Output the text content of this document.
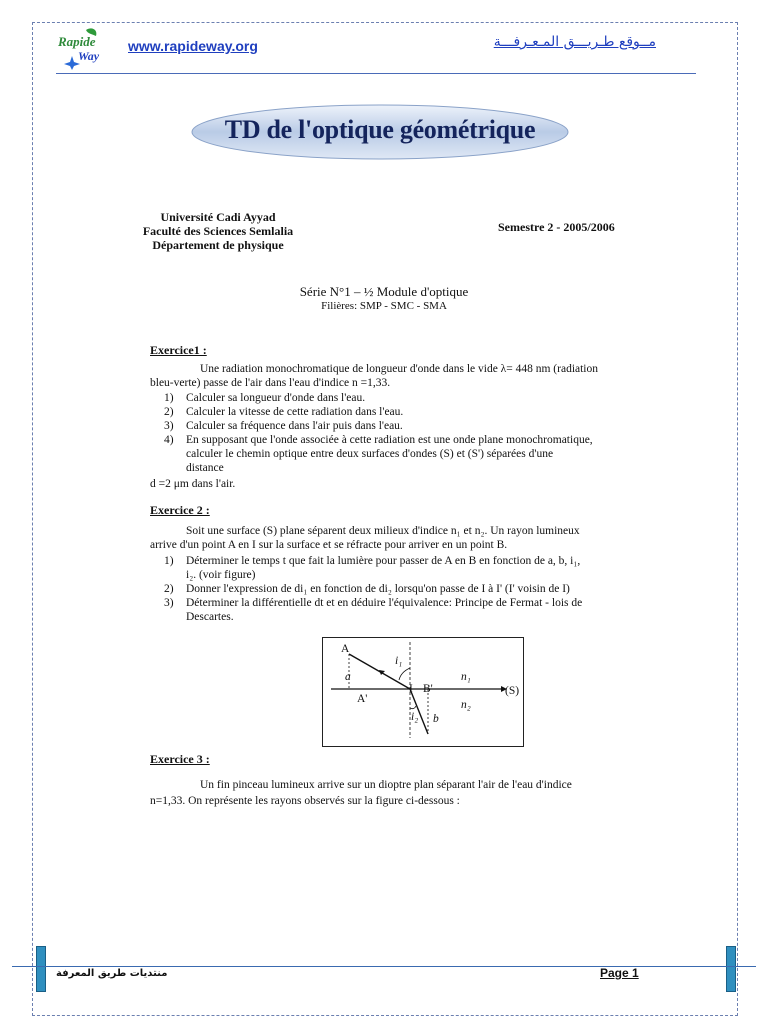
Rapide
Way
www.rapideway.org	مــوقع طـريـــق المـعـرفـــة
TD de l'optique géométrique
Université Cadi Ayyad
Faculté des Sciences Semlalia
Département de physique
Semestre 2 - 2005/2006
Série N°1 – ½ Module d'optique
Filières: SMP - SMC - SMA
Exercice1 :
Une radiation monochromatique de longueur d'onde dans le vide λ= 448 nm (radiation
bleu-verte) passe de l'air dans l'eau d'indice n =1,33.
1) Calculer sa longueur d'onde dans l'eau.
2) Calculer la vitesse de cette radiation dans l'eau.
3) Calculer sa fréquence dans l'air puis dans l'eau.
4) En supposant que l'onde associée à cette radiation est une onde plane monochromatique,
calculer le chemin optique entre deux surfaces d'ondes (S) et (S') séparées d'une
distance
d =2 μm dans l'air.
Exercice 2 :
Soit une surface (S) plane séparent deux milieux d'indice n₁ et n₂. Un rayon lumineux
arrive d'un point A en I sur la surface et se réfracte pour arriver en un point B.
1) Déterminer le temps t que fait la lumière pour passer de A en B en fonction de a, b, i₁,
i₂. (voir figure)
2) Donner l'expression de di₁ en fonction de di₂ lorsqu'on passe de I à I' (I' voisin de I)
3) Déterminer la différentielle dt et en déduire l'équivalence: Principe de Fermat - lois de
Descartes.
A
a
A'
i₁
I B'
n₁
n₂
(S)
i₂ b
Exercice 3 :
Un fin pinceau lumineux arrive sur un dioptre plan séparant l'air de l'eau d'indice
n=1,33. On représente les rayons observés sur la figure ci-dessous :
منتديات طريق المعرفة	Page 1
